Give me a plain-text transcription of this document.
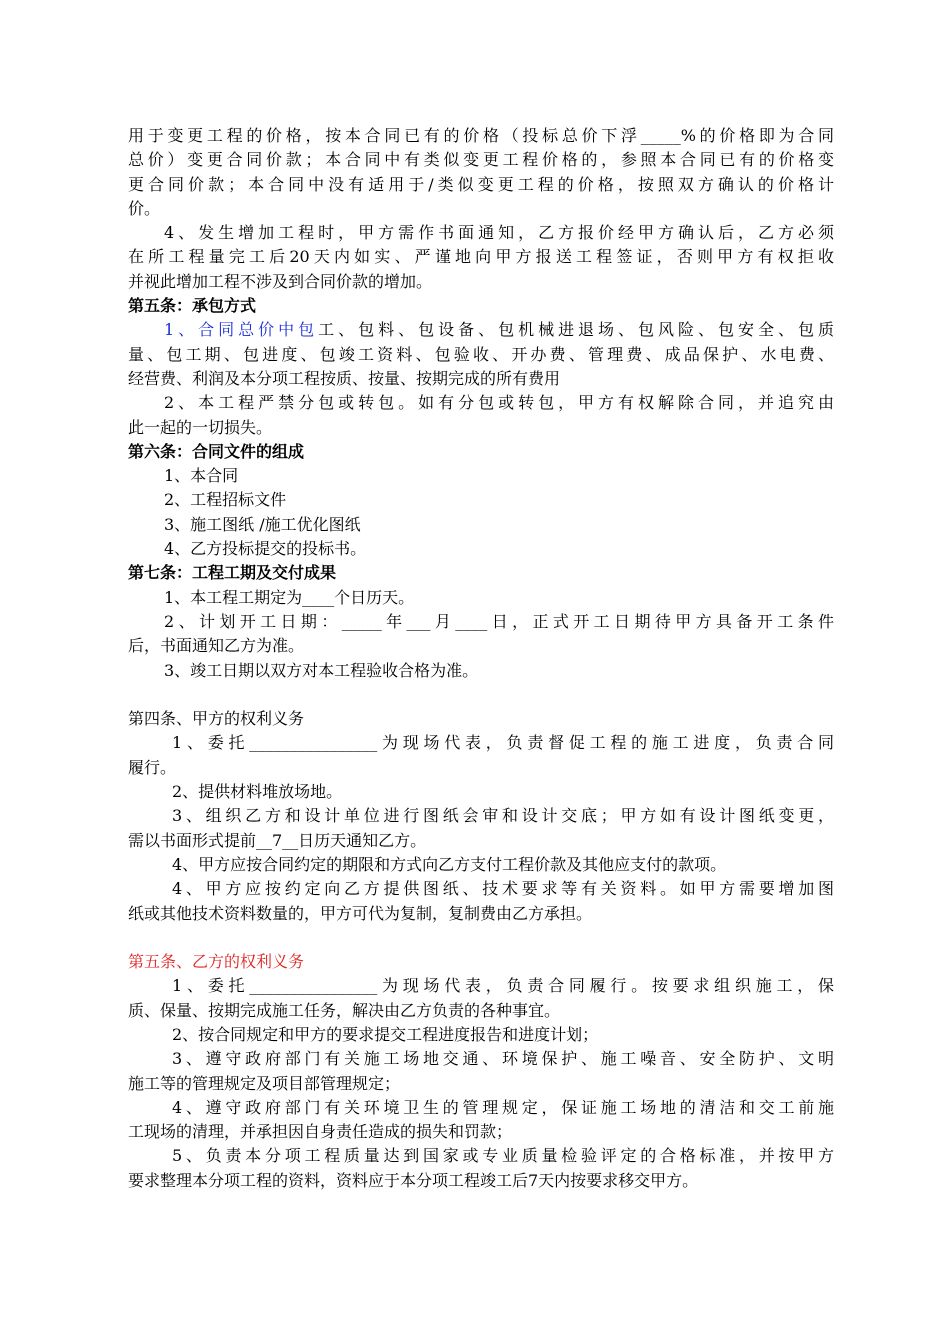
用于变更工程的价格，按本合同已有的价格（投标总价下浮_____%的价格即为合同

总价）变更合同价款；本合同中有类似变更工程价格的，参照本合同已有的价格变

更合同价款；本合同中没有适用于/类似变更工程的价格，按照双方确认的价格计

价。

4、发生增加工程时，甲方需作书面通知，乙方报价经甲方确认后，乙方必须

在所工程量完工后20天内如实、严谨地向甲方报送工程签证，否则甲方有权拒收

并视此增加工程不涉及到合同价款的增加。

第五条：承包方式

1、合同总价中包工、包料、包设备、包机械进退场、包风险、包安全、包质

量、包工期、包进度、包竣工资料、包验收、开办费、管理费、成品保护、水电费、

经营费、利润及本分项工程按质、按量、按期完成的所有费用

2、本工程严禁分包或转包。如有分包或转包，甲方有权解除合同，并追究由

此一起的一切损失。

第六条：合同文件的组成

1、本合同

2、工程招标文件

3、施工图纸 /施工优化图纸

4、乙方投标提交的投标书。

第七条：工程工期及交付成果

1、本工程工期定为____个日历天。

2、计划开工日期：_____年___月____日，正式开工日期待甲方具备开工条件

后，书面通知乙方为准。

3、竣工日期以双方对本工程验收合格为准。

第四条、甲方的权利义务

1、委托________________为现场代表，负责督促工程的施工进度，负责合同

履行。

2、提供材料堆放场地。

3、组织乙方和设计单位进行图纸会审和设计交底；甲方如有设计图纸变更，

需以书面形式提前__7__日历天通知乙方。

4、甲方应按合同约定的期限和方式向乙方支付工程价款及其他应支付的款项。

4、甲方应按约定向乙方提供图纸、技术要求等有关资料。如甲方需要增加图

纸或其他技术资料数量的，甲方可代为复制，复制费由乙方承担。

第五条、乙方的权利义务

1、委托________________为现场代表，负责合同履行。按要求组织施工，保

质、保量、按期完成施工任务，解决由乙方负责的各种事宜。

2、按合同规定和甲方的要求提交工程进度报告和进度计划；

3、遵守政府部门有关施工场地交通、环境保护、施工噪音、安全防护、文明

施工等的管理规定及项目部管理规定；

4、遵守政府部门有关环境卫生的管理规定，保证施工场地的清洁和交工前施

工现场的清理，并承担因自身责任造成的损失和罚款；

5、负责本分项工程质量达到国家或专业质量检验评定的合格标准，并按甲方

要求整理本分项工程的资料，资料应于本分项工程竣工后7天内按要求移交甲方。
